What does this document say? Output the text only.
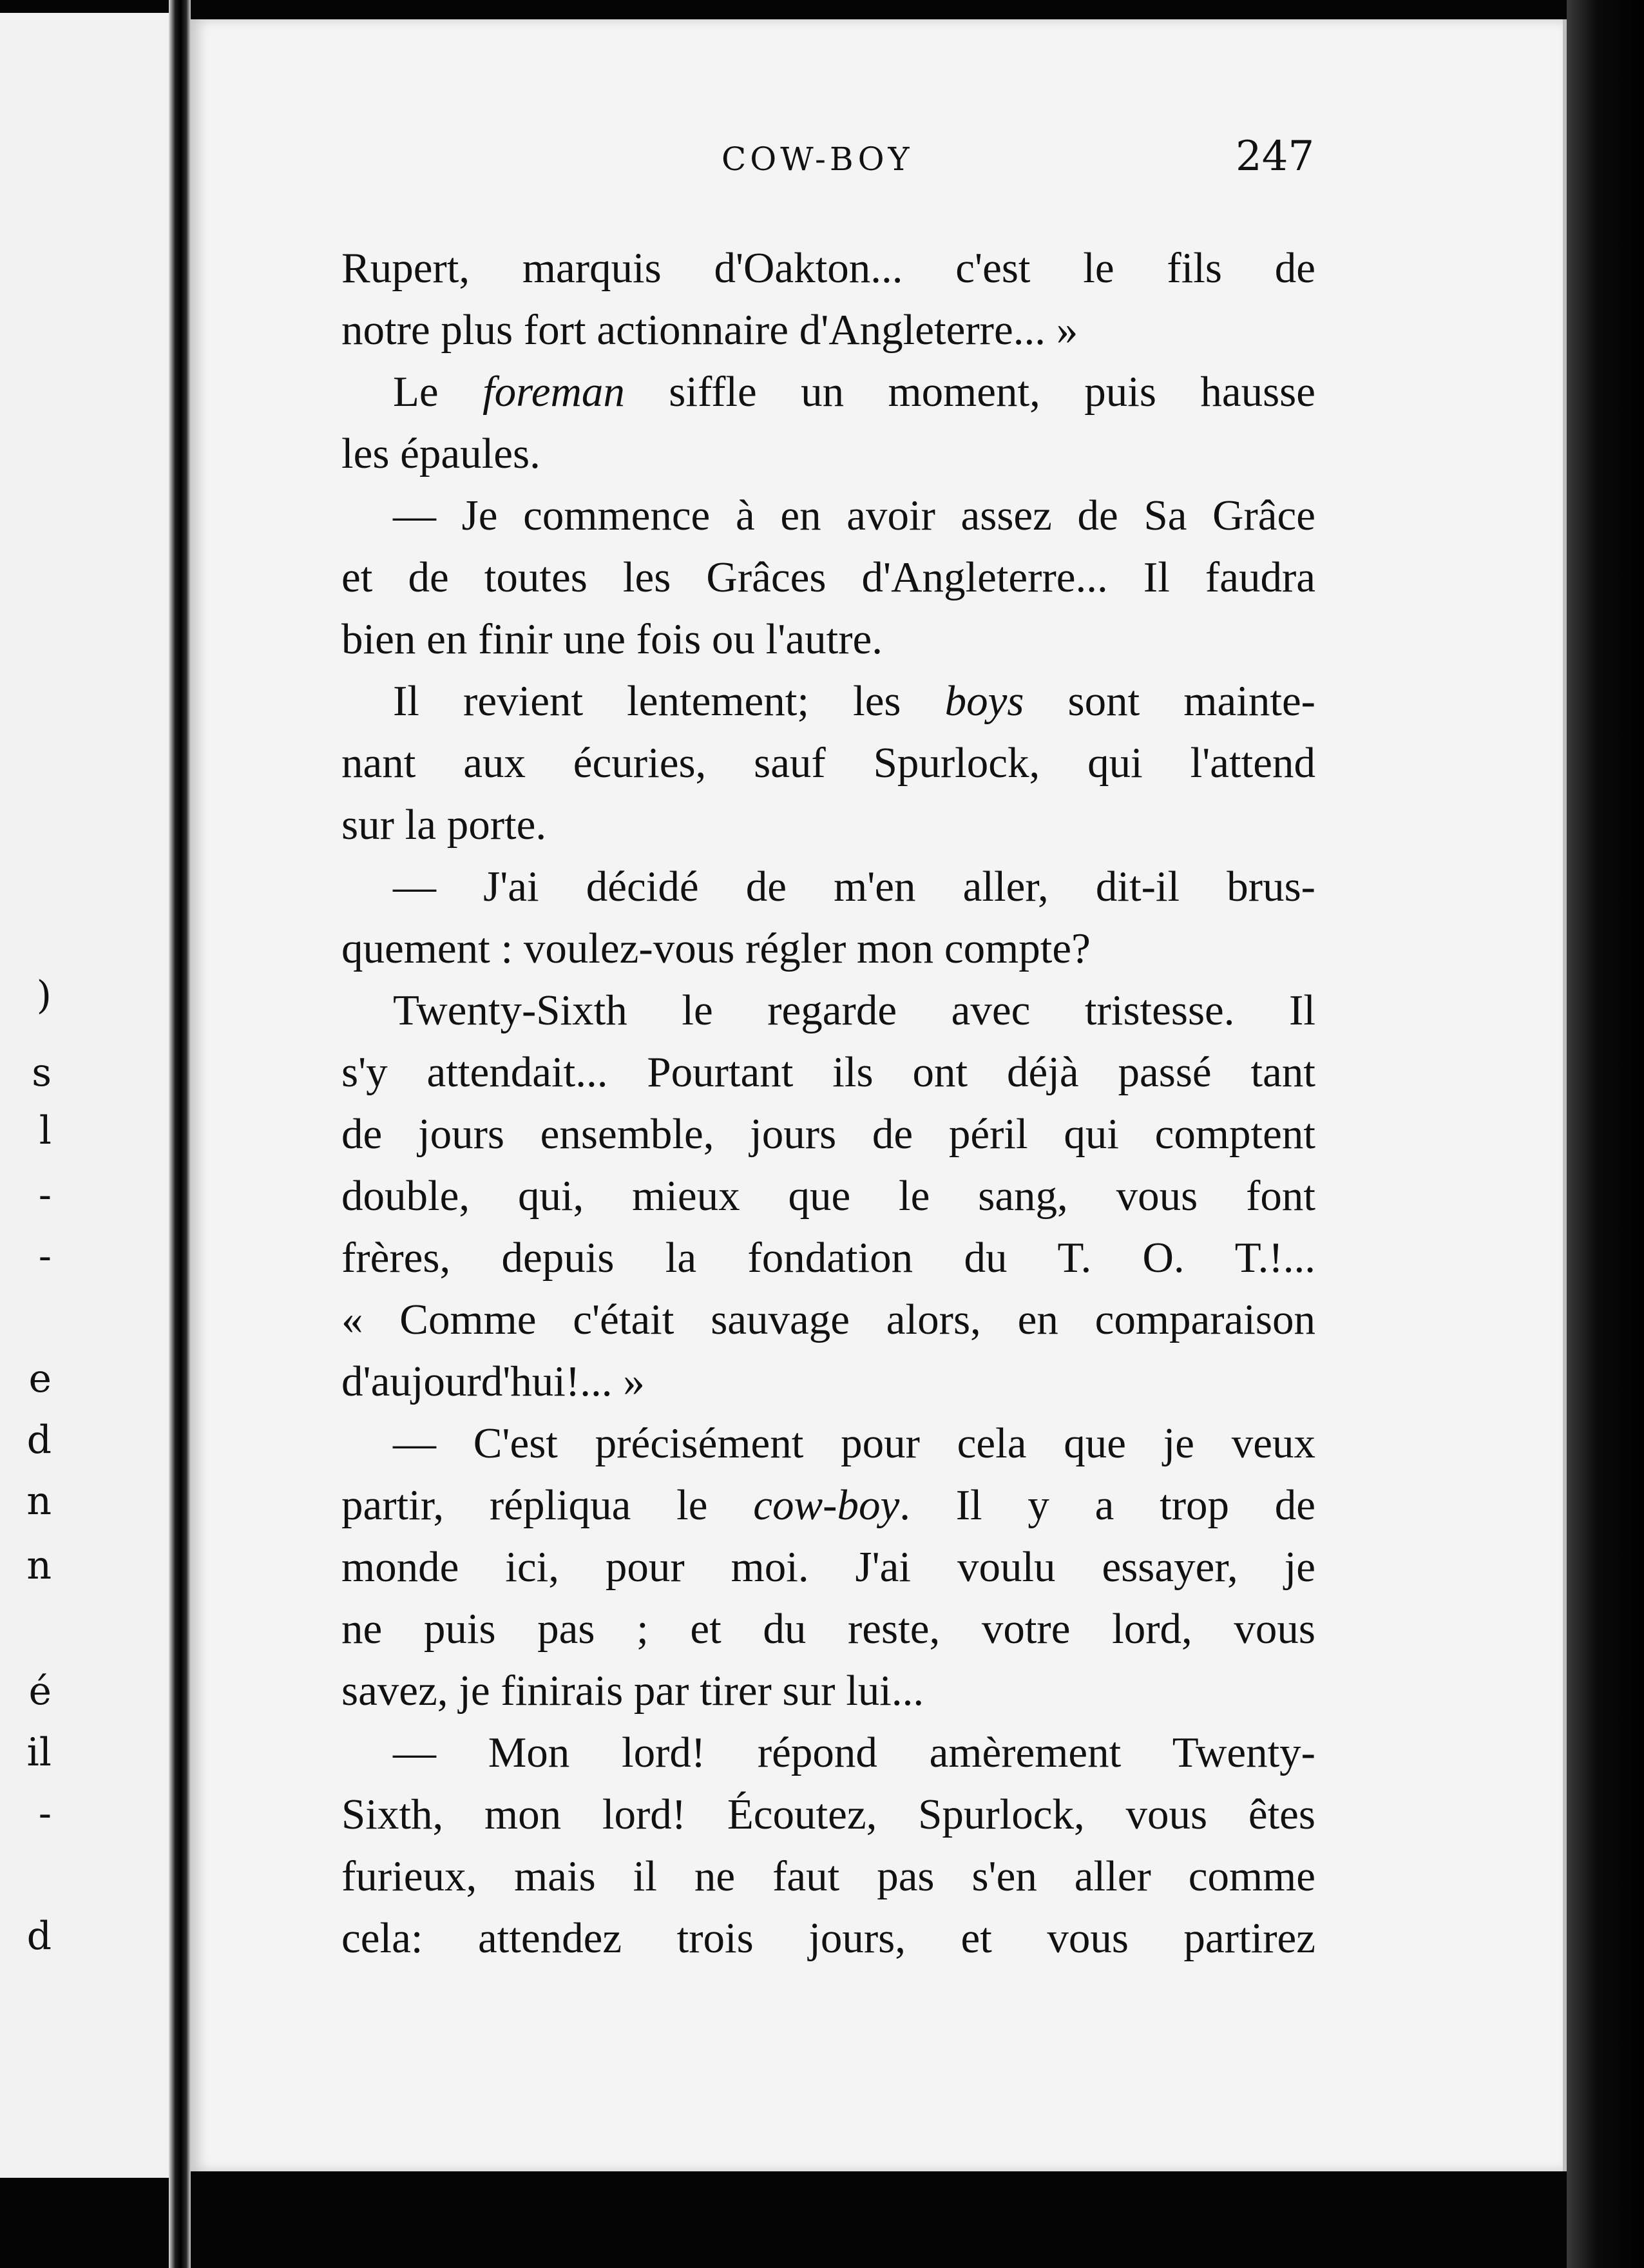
)
s
l
-
-
e
d
n
n
é
il
-
d
COW-BOY	247
Rupert, marquis d'Oakton... c'est le fils de
notre plus fort actionnaire d'Angleterre... »
Le foreman siffle un moment, puis hausse
les épaules.
— Je commence à en avoir assez de Sa Grâce
et de toutes les Grâces d'Angleterre... Il faudra
bien en finir une fois ou l'autre.
Il revient lentement; les boys sont mainte-
nant aux écuries, sauf Spurlock, qui l'attend
sur la porte.
— J'ai décidé de m'en aller, dit-il brus-
quement : voulez-vous régler mon compte?
Twenty-Sixth le regarde avec tristesse. Il
s'y attendait... Pourtant ils ont déjà passé tant
de jours ensemble, jours de péril qui comptent
double, qui, mieux que le sang, vous font
frères, depuis la fondation du T. O. T.!...
« Comme c'était sauvage alors, en comparaison
d'aujourd'hui!... »
— C'est précisément pour cela que je veux
partir, répliqua le cow-boy. Il y a trop de
monde ici, pour moi. J'ai voulu essayer, je
ne puis pas ; et du reste, votre lord, vous
savez, je finirais par tirer sur lui...
— Mon lord! répond amèrement Twenty-
Sixth, mon lord! Écoutez, Spurlock, vous êtes
furieux, mais il ne faut pas s'en aller comme
cela: attendez trois jours, et vous partirez
